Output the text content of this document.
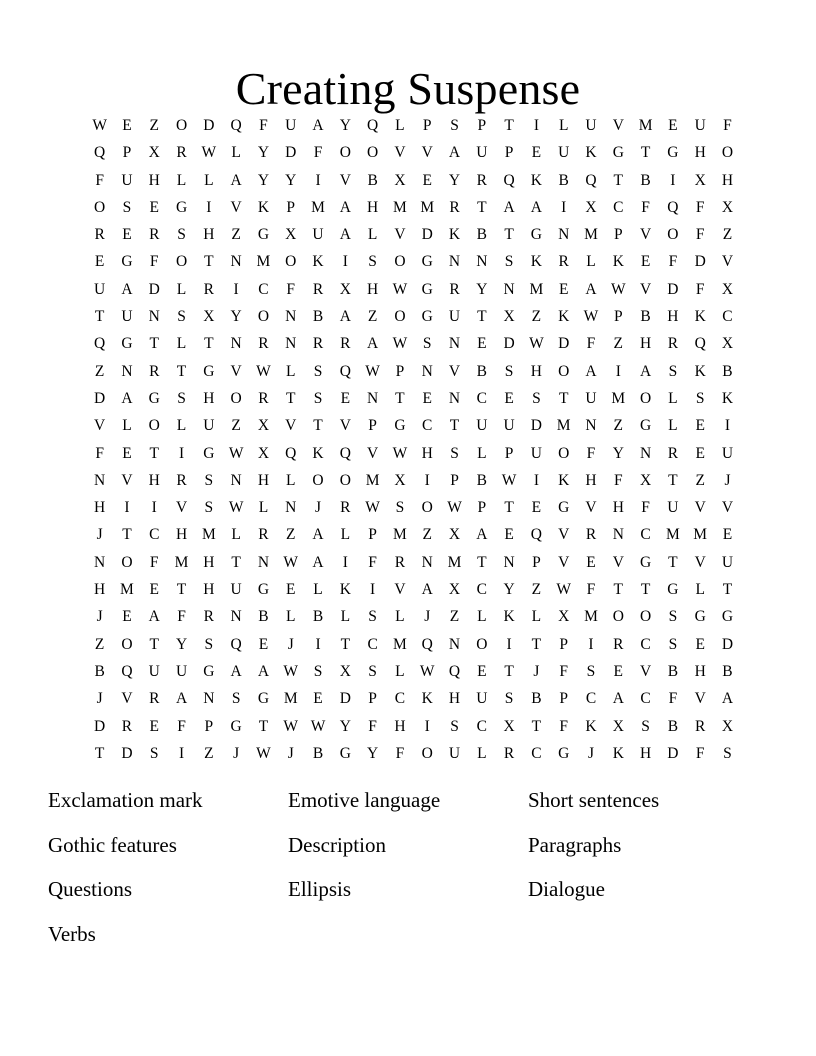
Creating Suspense
W E Z O D Q F U A Y Q L P S P T I L U V M E U F
Q P X R W L Y D F O O V V A U P E U K G T G H O
F U H L L A Y Y I V B X E Y R Q K B Q T B I X H
O S E G I V K P M A H M M R T A A I X C F Q F X
R E R S H Z G X U A L V D K B T G N M P V O F Z
E G F O T N M O K I S O G N N S K R L K E F D V
U A D L R I C F R X H W G R Y N M E A W V D F X
T U N S X Y O N B A Z O G U T X Z K W P B H K C
Q G T L T N R N R R A W S N E D W D F Z H R Q X
Z N R T G V W L S Q W P N V B S H O A I A S K B
D A G S H O R T S E N T E N C E S T U M O L S K
V L O L U Z X V T V P G C T U U D M N Z G L E I
F E T I G W X Q K Q V W H S L P U O F Y N R E U
N V H R S N H L O O M X I P B W I K H F X T Z J
H I I V S W L N J R W S O W P T E G V H F U V V
J T C H M L R Z A L P M Z X A E Q V R N C M M E
N O F M H T N W A I F R N M T N P V E V G T V U
H M E T H U G E L K I V A X C Y Z W F T T G L T
J E A F R N B L B L S L J Z L K L X M O O S G G
Z O T Y S Q E J I T C M Q N O I T P I R C S E D
B Q U U G A A W S X S L W Q E T J F S E V B H B
J V R A N S G M E D P C K H U S B P C A C F V A
D R E F P G T W W Y F H I S C X T F K X S B R X
T D S I Z J W J B G Y F O U L R C G J K H D F S
Exclamation mark	Emotive language	Short sentences
Gothic features	Description	Paragraphs
Questions	Ellipsis	Dialogue
Verbs
